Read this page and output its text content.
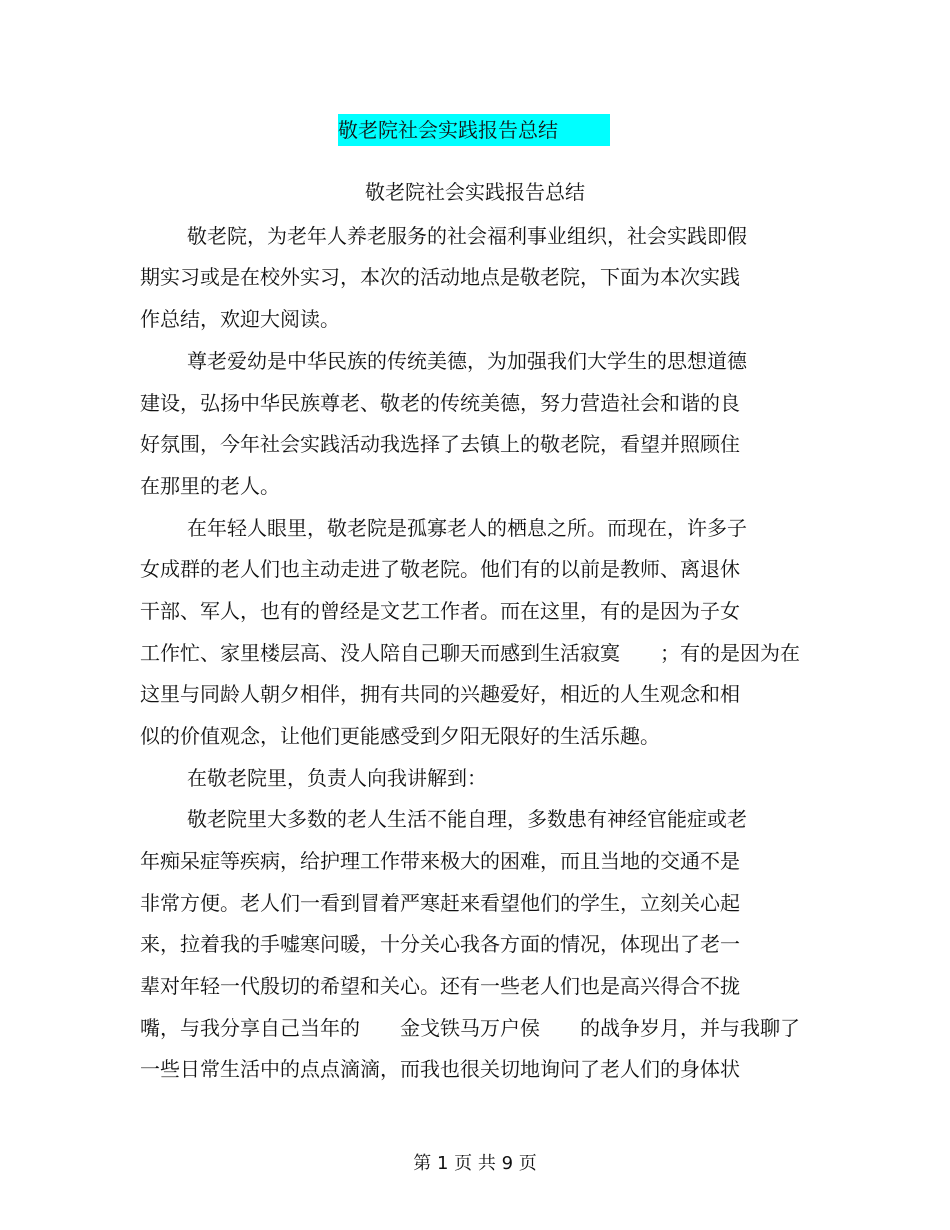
敬老院社会实践报告总结
敬老院社会实践报告总结
敬老院，为老年人养老服务的社会福利事业组织，社会实践即假
期实习或是在校外实习，本次的活动地点是敬老院，下面为本次实践
作总结，欢迎大阅读。
尊老爱幼是中华民族的传统美德，为加强我们大学生的思想道德
建设，弘扬中华民族尊老、敬老的传统美德，努力营造社会和谐的良
好氛围，今年社会实践活动我选择了去镇上的敬老院，看望并照顾住
在那里的老人。
在年轻人眼里，敬老院是孤寡老人的栖息之所。而现在，许多子
女成群的老人们也主动走进了敬老院。他们有的以前是教师、离退休
干部、军人，也有的曾经是文艺工作者。而在这里，有的是因为子女
工作忙、家里楼层高、没人陪自己聊天而感到生活寂寞　　；有的是因为在
这里与同龄人朝夕相伴，拥有共同的兴趣爱好，相近的人生观念和相
似的价值观念，让他们更能感受到夕阳无限好的生活乐趣。
在敬老院里，负责人向我讲解到：
敬老院里大多数的老人生活不能自理，多数患有神经官能症或老
年痴呆症等疾病，给护理工作带来极大的困难，而且当地的交通不是
非常方便。老人们一看到冒着严寒赶来看望他们的学生，立刻关心起
来，拉着我的手嘘寒问暖，十分关心我各方面的情况，体现出了老一
辈对年轻一代殷切的希望和关心。还有一些老人们也是高兴得合不拢
嘴，与我分享自己当年的　　金戈铁马万户侯　　的战争岁月，并与我聊了
一些日常生活中的点点滴滴，而我也很关切地询问了老人们的身体状
第 1 页 共 9 页
